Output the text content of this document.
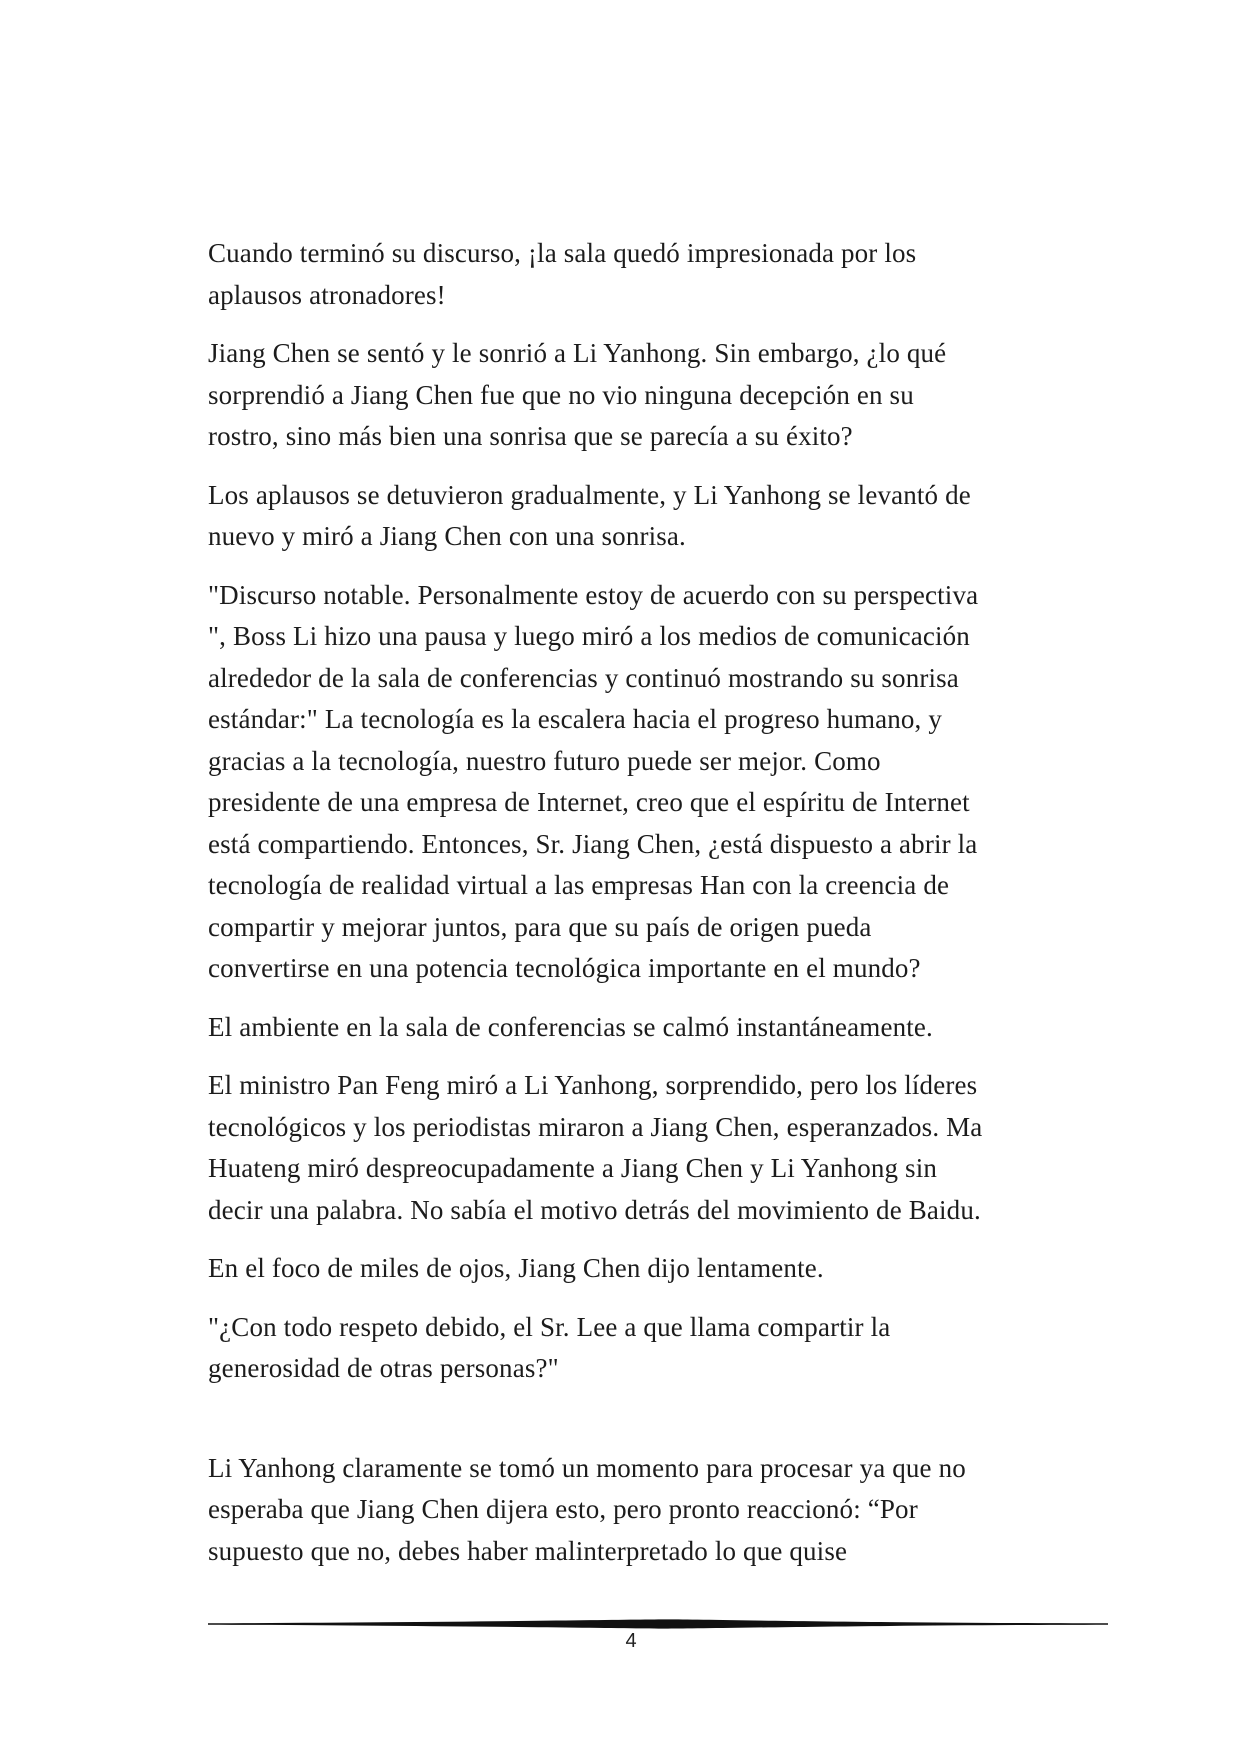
Cuando terminó su discurso, ¡la sala quedó impresionada por los
aplausos atronadores!

Jiang Chen se sentó y le sonrió a Li Yanhong. Sin embargo, ¿lo qué
sorprendió a Jiang Chen fue que no vio ninguna decepción en su
rostro, sino más bien una sonrisa que se parecía a su éxito?

Los aplausos se detuvieron gradualmente, y Li Yanhong se levantó de
nuevo y miró a Jiang Chen con una sonrisa.

"Discurso notable. Personalmente estoy de acuerdo con su perspectiva
", Boss Li hizo una pausa y luego miró a los medios de comunicación
alrededor de la sala de conferencias y continuó mostrando su sonrisa
estándar:" La tecnología es la escalera hacia el progreso humano, y
gracias a la tecnología, nuestro futuro puede ser mejor. Como
presidente de una empresa de Internet, creo que el espíritu de Internet
está compartiendo. Entonces, Sr. Jiang Chen, ¿está dispuesto a abrir la
tecnología de realidad virtual a las empresas Han con la creencia de
compartir y mejorar juntos, para que su país de origen pueda
convertirse en una potencia tecnológica importante en el mundo?

El ambiente en la sala de conferencias se calmó instantáneamente.

El ministro Pan Feng miró a Li Yanhong, sorprendido, pero los líderes
tecnológicos y los periodistas miraron a Jiang Chen, esperanzados. Ma
Huateng miró despreocupadamente a Jiang Chen y Li Yanhong sin
decir una palabra. No sabía el motivo detrás del movimiento de Baidu.

En el foco de miles de ojos, Jiang Chen dijo lentamente.

"¿Con todo respeto debido, el Sr. Lee a que llama compartir la
generosidad de otras personas?"

Li Yanhong claramente se tomó un momento para procesar ya que no
esperaba que Jiang Chen dijera esto, pero pronto reaccionó: “Por
supuesto que no, debes haber malinterpretado lo que quise

4
